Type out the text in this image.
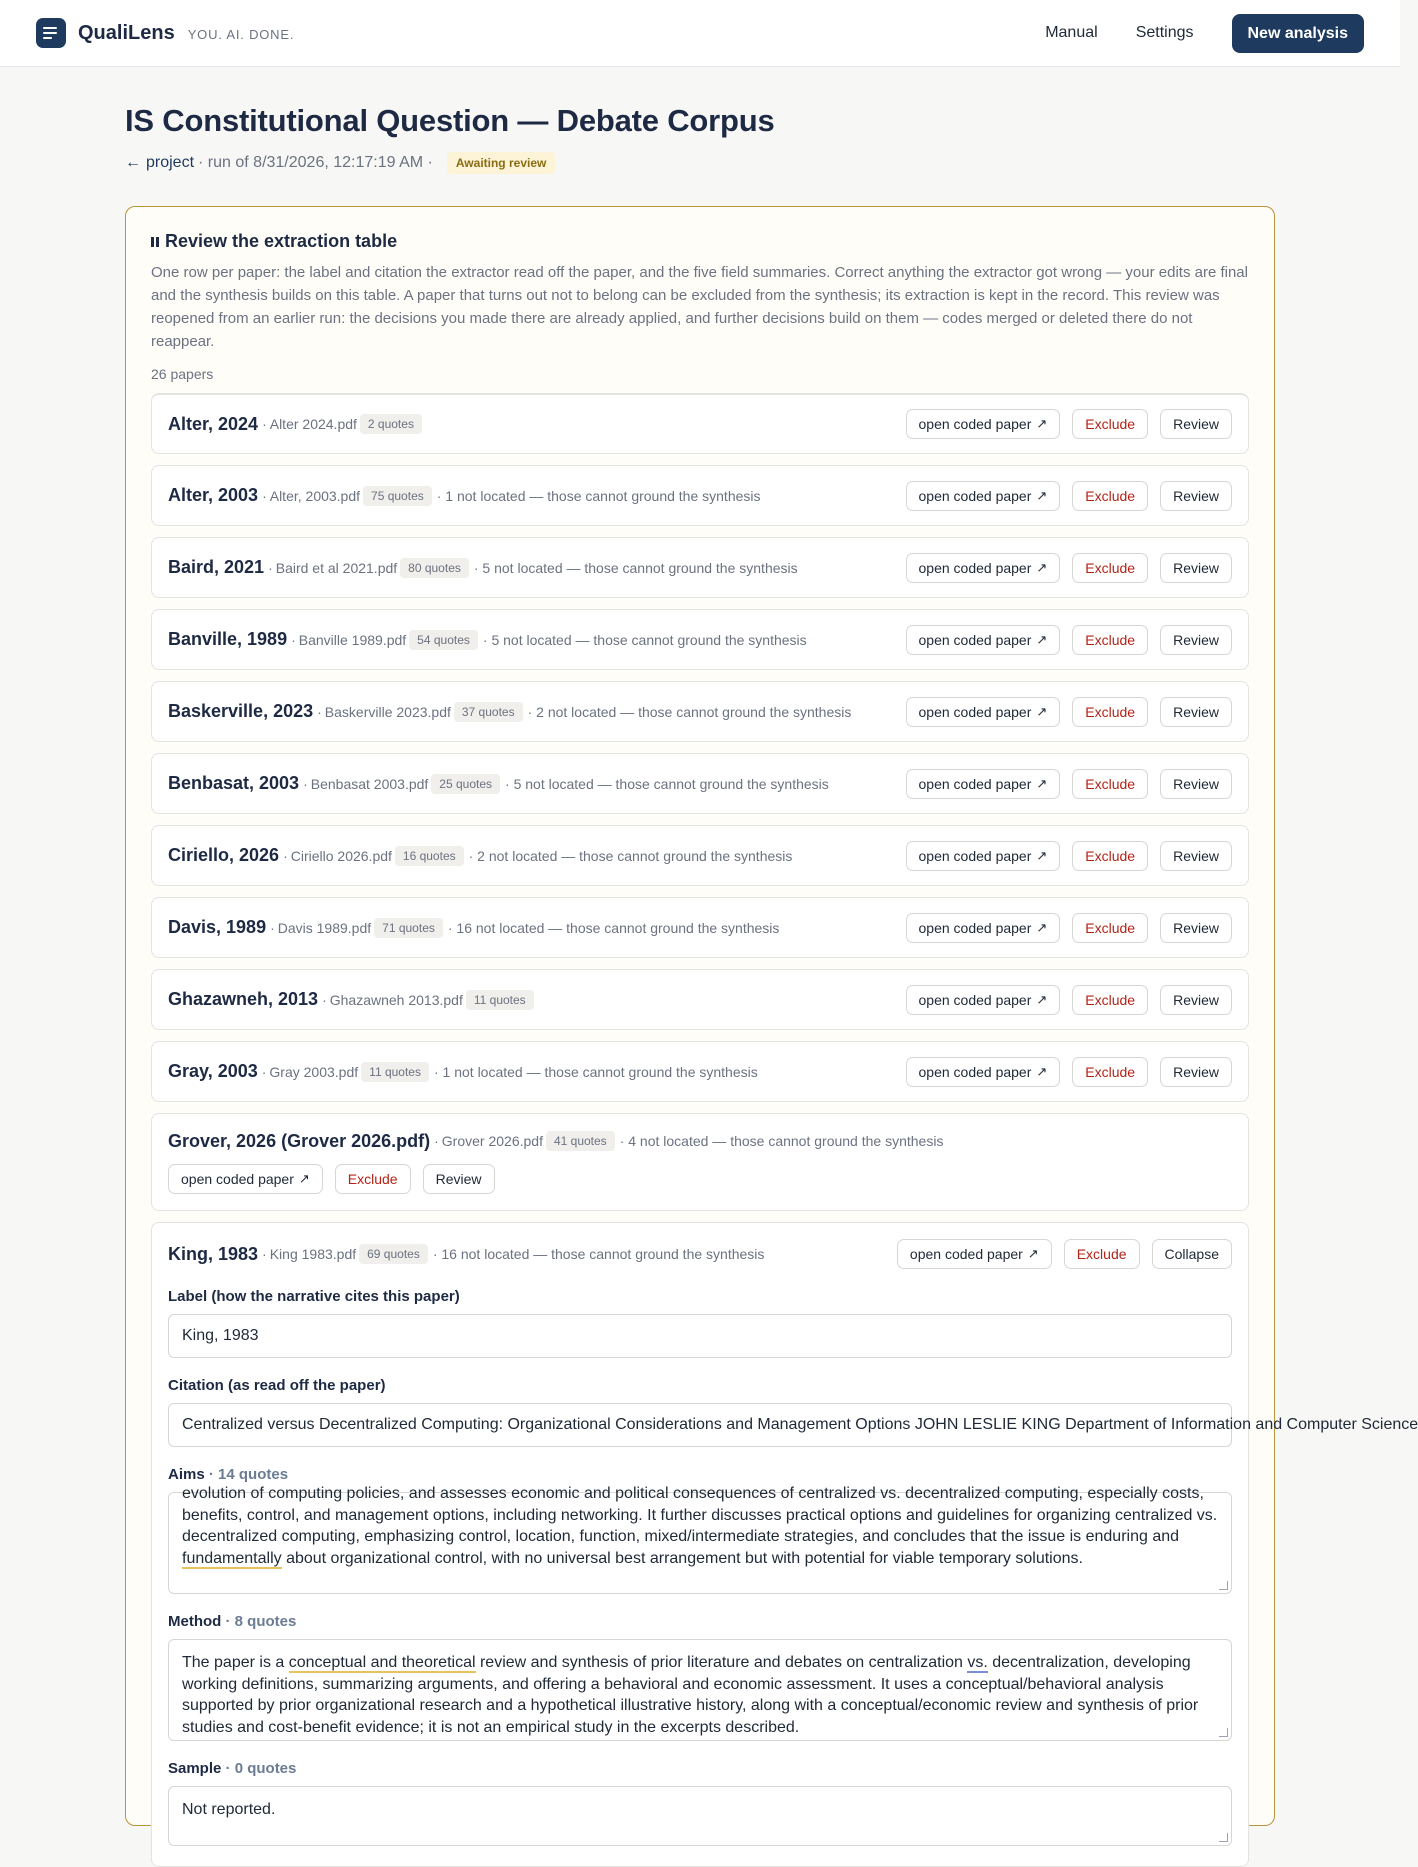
QualiLens YOU. AI. DONE.	Manual Settings	New analysis
IS Constitutional Question — Debate Corpus
← project · run of 8/31/2026, 12:17:19 AM ·	Awaiting review
Review the extraction table

One row per paper: the label and citation the extractor read off the paper, and the five field summaries. Correct anything the extractor got wrong — your edits are final and the synthesis builds on this table. A paper that turns out not to belong can be excluded from the synthesis; its extraction is kept in the record. This review was reopened from an earlier run: the decisions you made there are already applied, and further decisions build on them — codes merged or deleted there do not reappear.

26 papers
Alter, 2024 · Alter 2024.pdf 2 quotes	open coded paper ↗	Exclude	Review
Alter, 2003 · Alter, 2003.pdf 75 quotes · 1 not located — those cannot ground the synthesis	open coded paper ↗	Exclude	Review
Baird, 2021 · Baird et al 2021.pdf 80 quotes · 5 not located — those cannot ground the synthesis	open coded paper ↗	Exclude	Review
Banville, 1989 · Banville 1989.pdf 54 quotes · 5 not located — those cannot ground the synthesis	open coded paper ↗	Exclude	Review
Baskerville, 2023 · Baskerville 2023.pdf 37 quotes · 2 not located — those cannot ground the synthesis	open coded paper ↗	Exclude	Review
Benbasat, 2003 · Benbasat 2003.pdf 25 quotes · 5 not located — those cannot ground the synthesis	open coded paper ↗	Exclude	Review
Ciriello, 2026 · Ciriello 2026.pdf 16 quotes · 2 not located — those cannot ground the synthesis	open coded paper ↗	Exclude	Review
Davis, 1989 · Davis 1989.pdf 71 quotes · 16 not located — those cannot ground the synthesis	open coded paper ↗	Exclude	Review
Ghazawneh, 2013 · Ghazawneh 2013.pdf 11 quotes	open coded paper ↗	Exclude	Review
Gray, 2003 · Gray 2003.pdf 11 quotes · 1 not located — those cannot ground the synthesis	open coded paper ↗	Exclude	Review
Grover, 2026 (Grover 2026.pdf) · Grover 2026.pdf 41 quotes · 4 not located — those cannot ground the synthesis
open coded paper ↗	Exclude	Review
King, 1983 · King 1983.pdf 69 quotes · 16 not located — those cannot ground the synthesis	open coded paper ↗	Exclude	Collapse
Label (how the narrative cites this paper)
King, 1983
Citation (as read off the paper)
Centralized versus Decentralized Computing: Organizational Considerations and Management Options JOHN LESLIE KING Department of Information and Computer Science
Aims · 14 quotes
evolution of computing policies, and assesses economic and political consequences of centralized vs. decentralized computing, especially costs, benefits, control, and management options, including networking. It further discusses practical options and guidelines for organizing centralized vs. decentralized computing, emphasizing control, location, function, mixed/intermediate strategies, and concludes that the issue is enduring and fundamentally about organizational control, with no universal best arrangement but with potential for viable temporary solutions.
Method · 8 quotes
The paper is a conceptual and theoretical review and synthesis of prior literature and debates on centralization vs. decentralization, developing working definitions, summarizing arguments, and offering a behavioral and economic assessment. It uses a conceptual/behavioral analysis supported by prior organizational research and a hypothetical illustrative history, along with a conceptual/economic review and synthesis of prior studies and cost-benefit evidence; it is not an empirical study in the excerpts described.
Sample · 0 quotes
Not reported.
